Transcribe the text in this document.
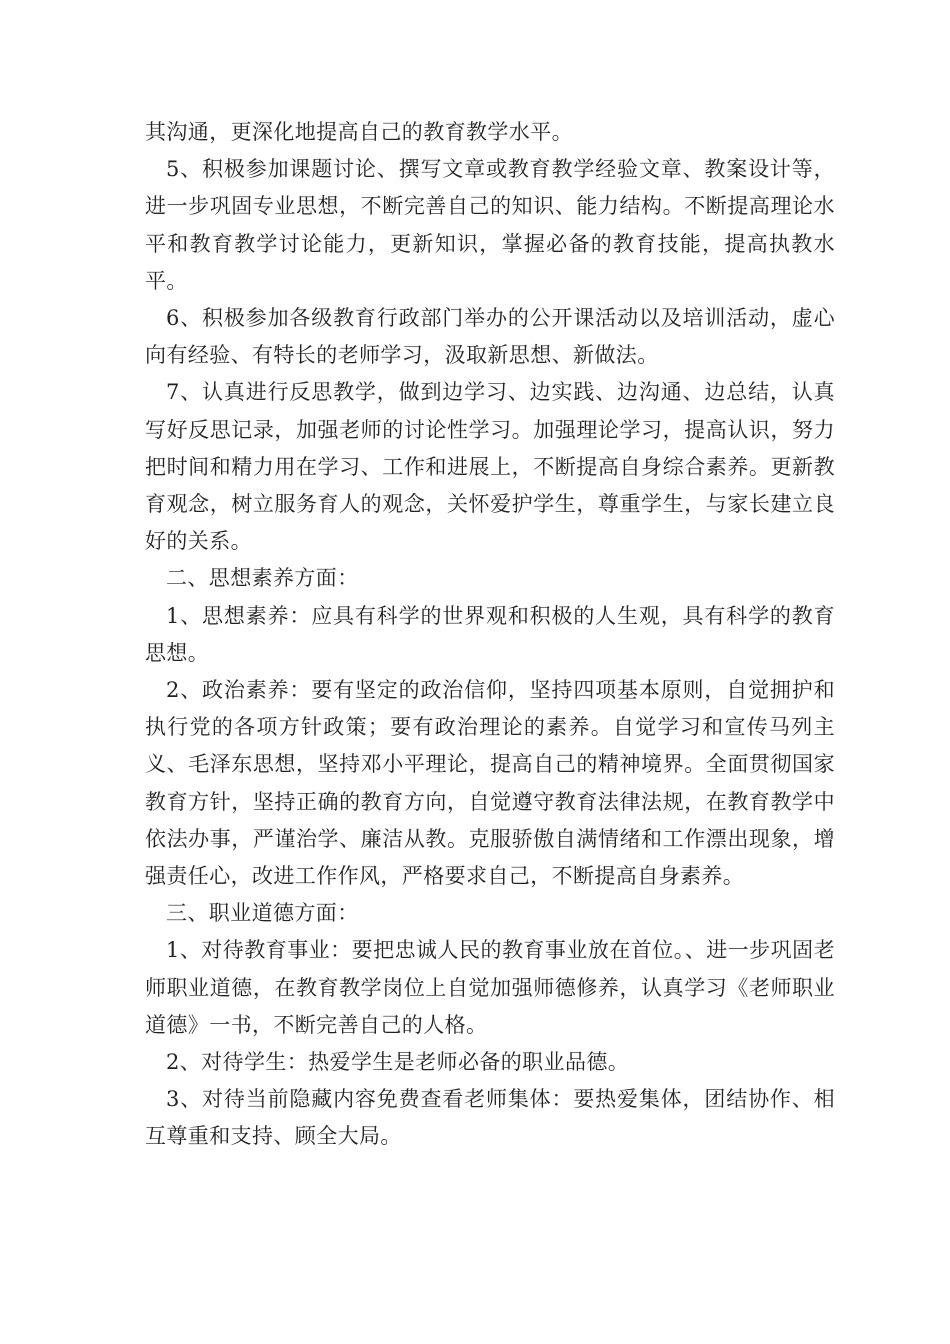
其沟通，更深化地提高自己的教育教学水平。

5、积极参加课题讨论、撰写文章或教育教学经验文章、教案设计等，进一步巩固专业思想，不断完善自己的知识、能力结构。不断提高理论水平和教育教学讨论能力，更新知识，掌握必备的教育技能，提高执教水平。

6、积极参加各级教育行政部门举办的公开课活动以及培训活动，虚心向有经验、有特长的老师学习，汲取新思想、新做法。

7、认真进行反思教学，做到边学习、边实践、边沟通、边总结，认真写好反思记录，加强老师的讨论性学习。加强理论学习，提高认识，努力把时间和精力用在学习、工作和进展上，不断提高自身综合素养。更新教育观念，树立服务育人的观念，关怀爱护学生，尊重学生，与家长建立良好的关系。

二、思想素养方面：

1、思想素养：应具有科学的世界观和积极的人生观，具有科学的教育思想。

2、政治素养：要有坚定的政治信仰，坚持四项基本原则，自觉拥护和执行党的各项方针政策；要有政治理论的素养。自觉学习和宣传马列主义、毛泽东思想，坚持邓小平理论，提高自己的精神境界。全面贯彻国家教育方针，坚持正确的教育方向，自觉遵守教育法律法规，在教育教学中依法办事，严谨治学、廉洁从教。克服骄傲自满情绪和工作漂出现象，增强责任心，改进工作作风，严格要求自己，不断提高自身素养。

三、职业道德方面：

1、对待教育事业：要把忠诚人民的教育事业放在首位。、进一步巩固老师职业道德，在教育教学岗位上自觉加强师德修养，认真学习《老师职业道德》一书，不断完善自己的人格。

2、对待学生：热爱学生是老师必备的职业品德。

3、对待当前隐藏内容免费查看老师集体：要热爱集体，团结协作、相互尊重和支持、顾全大局。
